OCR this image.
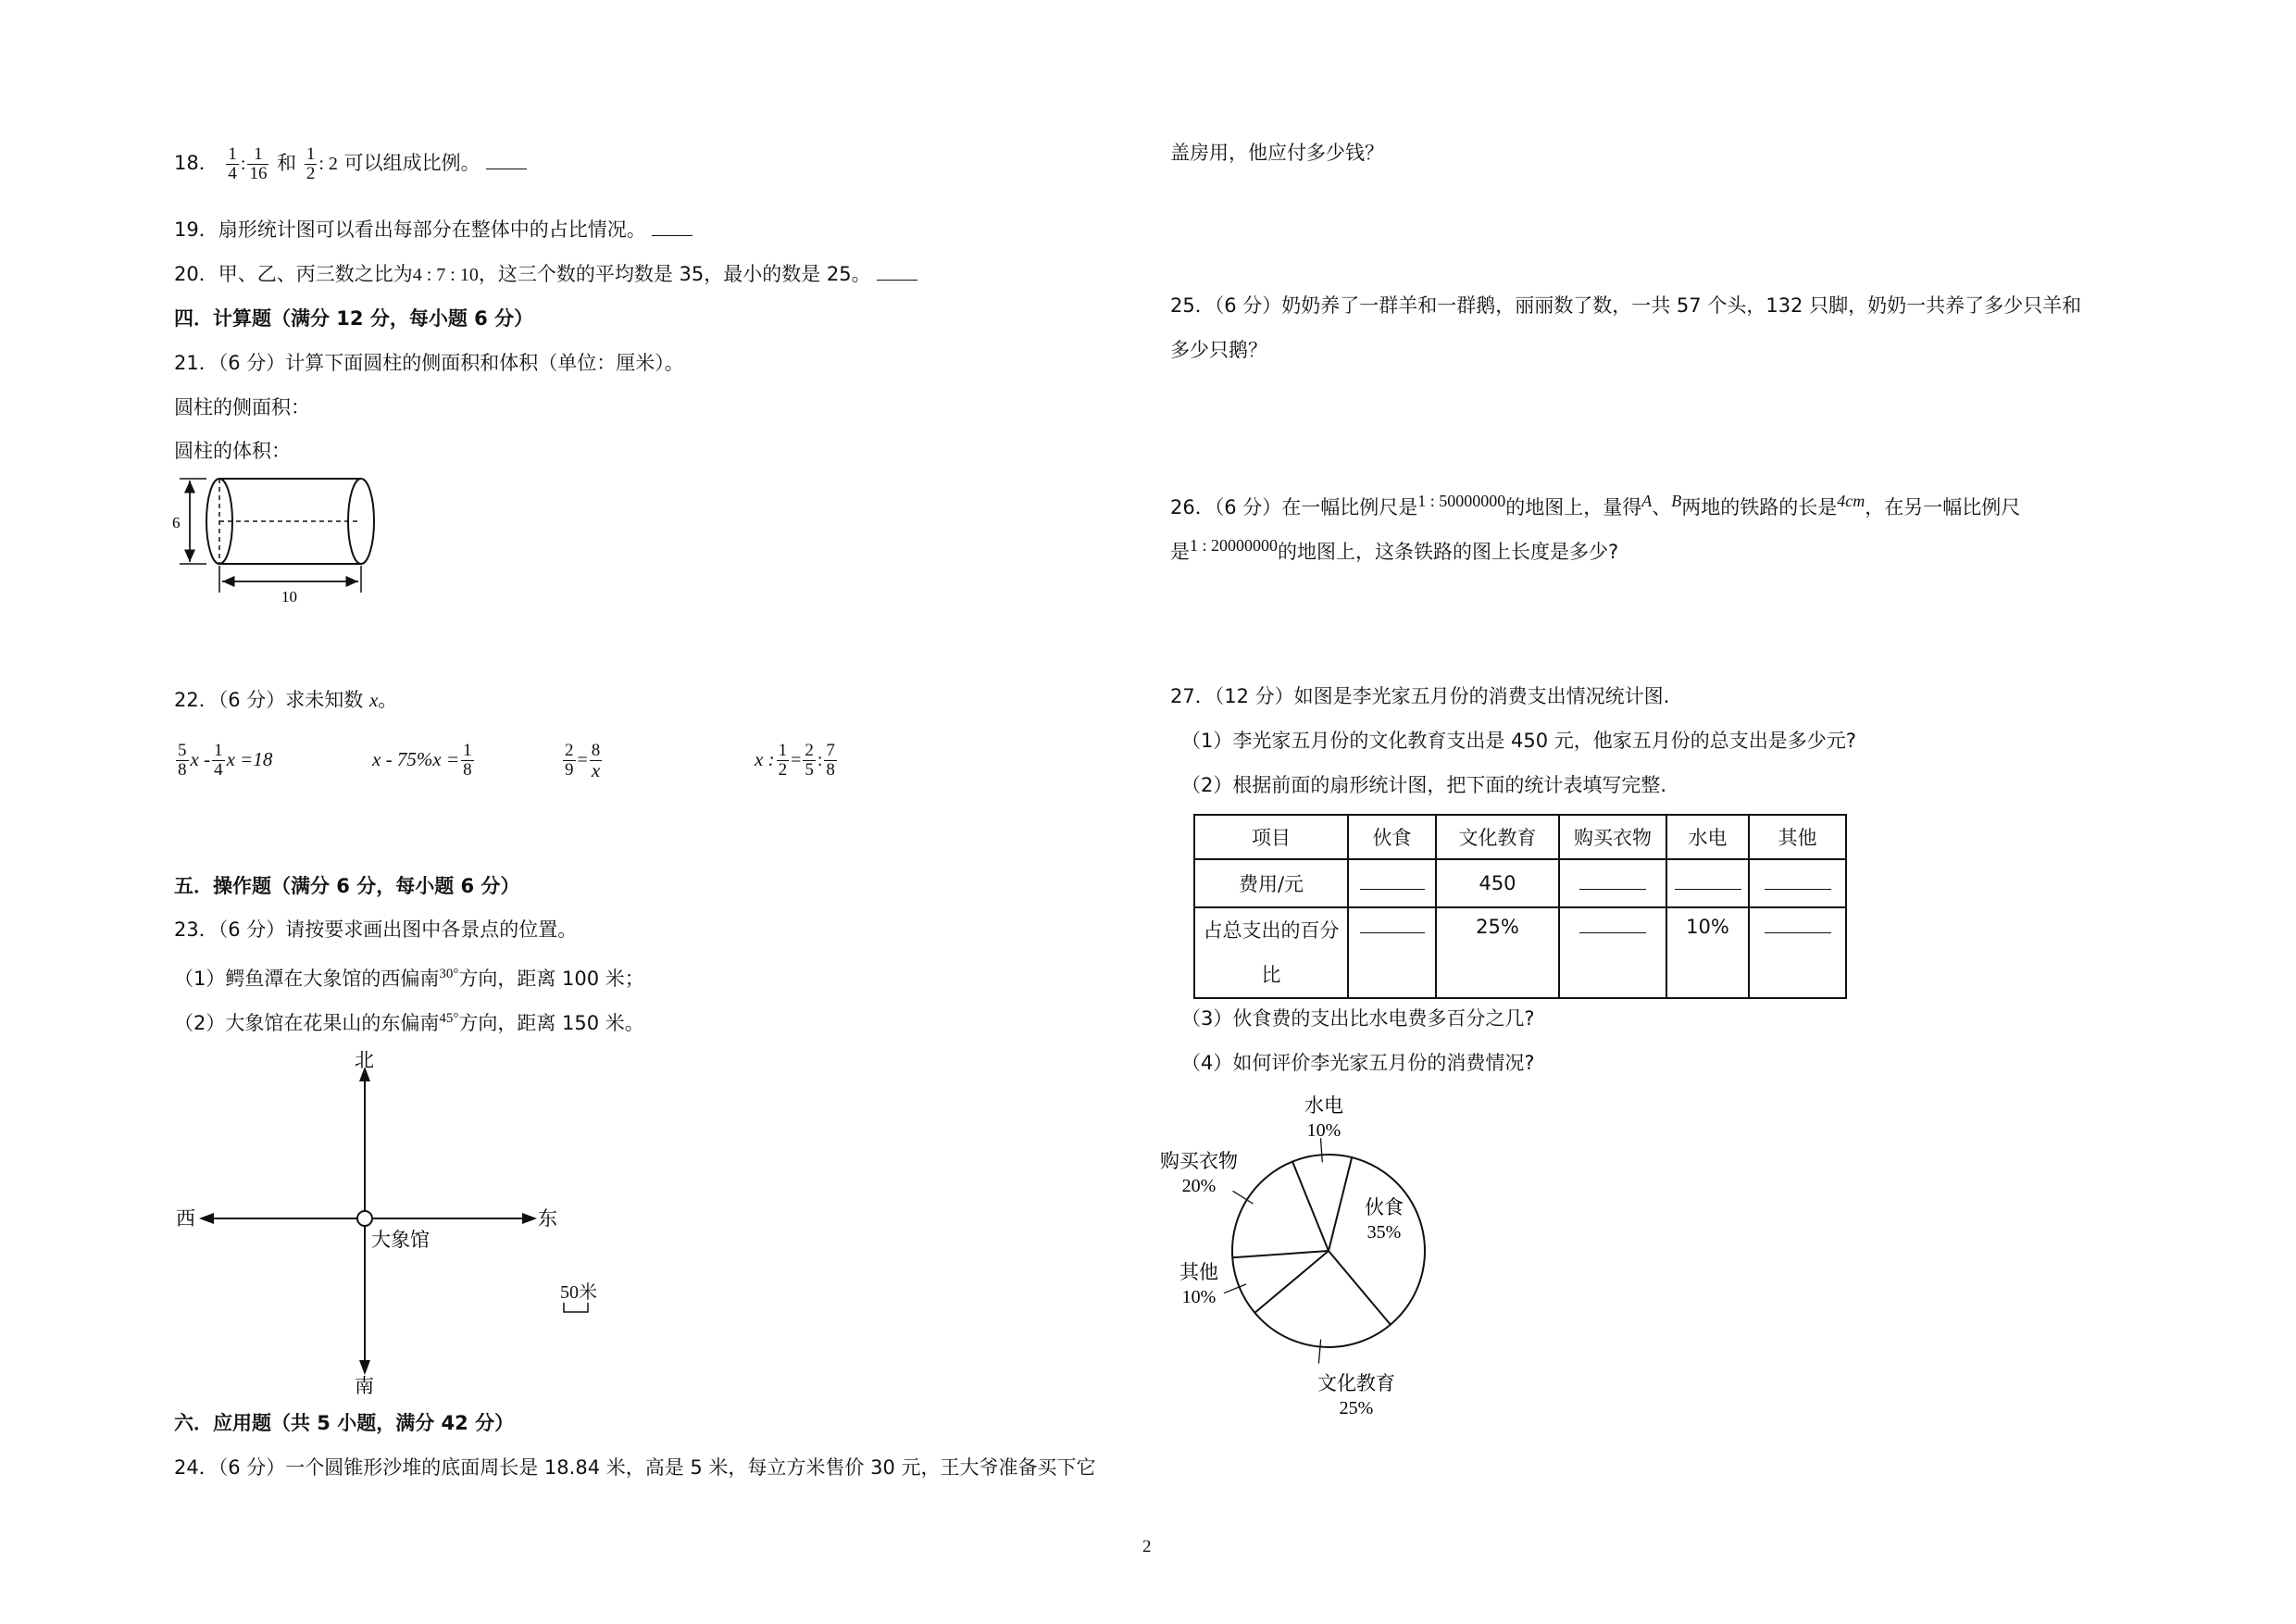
18． $\frac{1}{4}$ : $\frac{1}{16}$ 和 $\frac{1}{2}$ : 2 可以组成比例。
19．扇形统计图可以看出每部分在整体中的占比情况。
20．甲、乙、丙三数之比为4 : 7 : 10，这三个数的平均数是 35，最小的数是 25。
四．计算题（满分 12 分，每小题 6 分）
21．（6 分）计算下面圆柱的侧面积和体积（单位：厘米）。
圆柱的侧面积：
圆柱的体积：
6
10
22．（6 分）求未知数 x。
$\frac{5}{8}$ x - $\frac{1}{4}$ x =18	$x - 75\%x = \frac{1}{8}$	$\frac{2}{9} = \frac{8}{x}$	x : $\frac{1}{2} = \frac{2}{5}$ : $\frac{7}{8}$
五．操作题（满分 6 分，每小题 6 分）
23．（6 分）请按要求画出图中各景点的位置。
（1）鳄鱼潭在大象馆的西偏南$^{30^\circ}$方向，距离 100 米；
（2）大象馆在花果山的东偏南$^{45^\circ}$方向，距离 150 米。
北
南
西	东
大象馆
50米
六．应用题（共 5 小题，满分 42 分）
24．（6 分）一个圆锥形沙堆的底面周长是 18.84 米，高是 5 米，每立方米售价 30 元，王大爷准备买下它
盖房用，他应付多少钱？
25．（6 分）奶奶养了一群羊和一群鹅，丽丽数了数，一共 57 个头，132 只脚，奶奶一共养了多少只羊和
多少只鹅？
26．（6 分）在一幅比例尺是$^{1 : 50000000}$的地图上，量得$^A$、$^B$两地的铁路的长是$^{4cm}$，在另一幅比例尺
是$^{1 : 20000000}$的地图上，这条铁路的图上长度是多少?
27．（12 分）如图是李光家五月份的消费支出情况统计图.
（1）李光家五月份的文化教育支出是 450 元，他家五月份的总支出是多少元?
（2）根据前面的扇形统计图，把下面的统计表填写完整.
项目	伙食	文化教育	购买衣物	水电	其他
费用/元		450			
占总支出的百分
比		25%		10%	
（3）伙食费的支出比水电费多百分之几?
（4）如何评价李光家五月份的消费情况?
伙食
35%
文化教育
25%
其他
10%
购买衣物
20%
水电
10%
2
